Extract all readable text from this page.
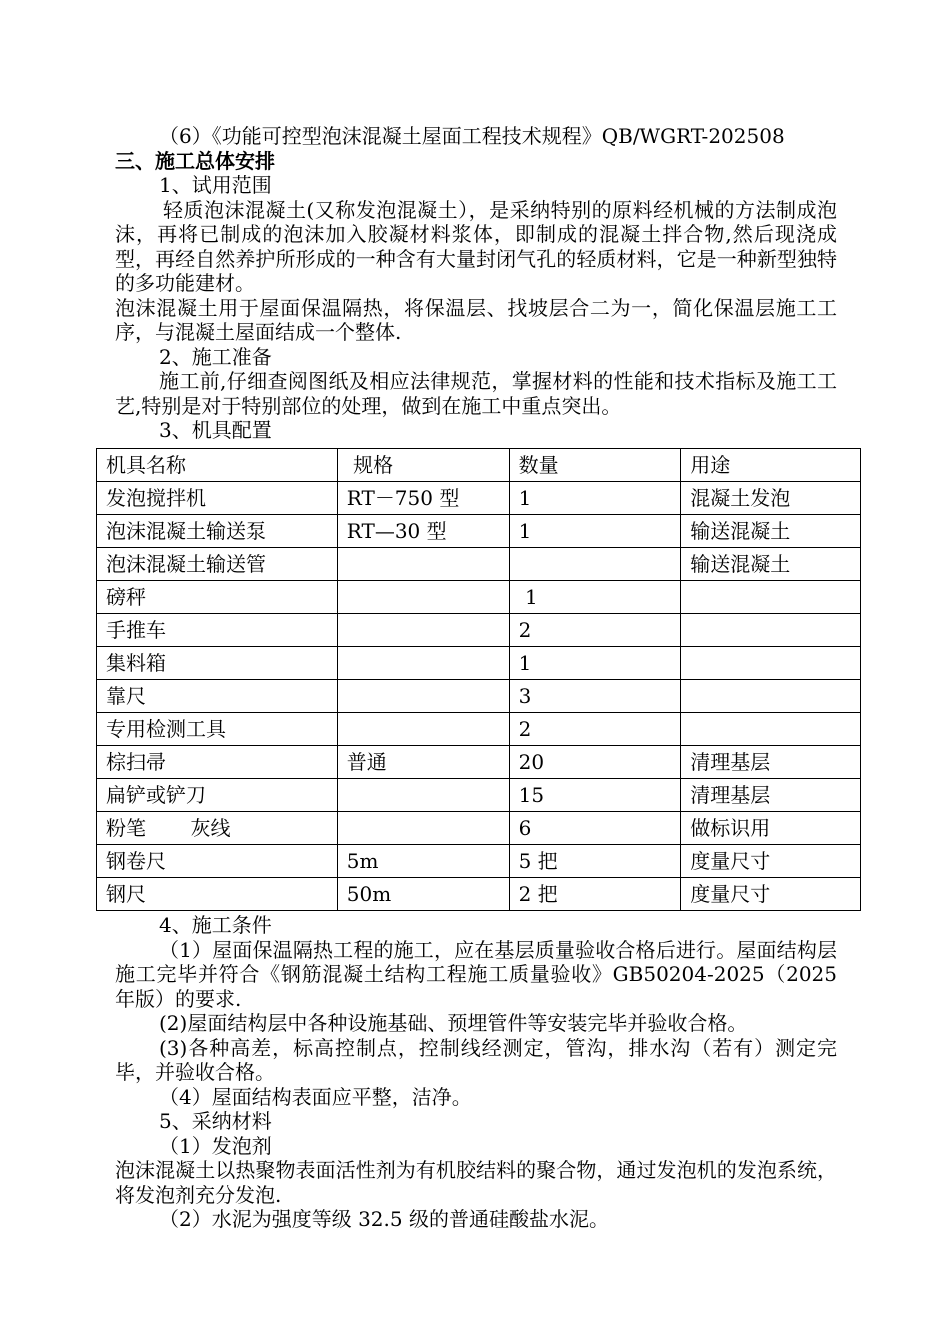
（6）《功能可控型泡沫混凝土屋面工程技术规程》QB/WGRT-202508

三、施工总体安排

1、试用范围

轻质泡沫混凝土(又称发泡混凝土），是采纳特别的原料经机械的方法制成泡沫，再将已制成的泡沫加入胶凝材料浆体，即制成的混凝土拌合物,然后现浇成型，再经自然养护所形成的一种含有大量封闭气孔的轻质材料，它是一种新型独特的多功能建材。

泡沫混凝土用于屋面保温隔热，将保温层、找坡层合二为一，简化保温层施工工序，与混凝土屋面结成一个整体.

2、施工准备

施工前,仔细查阅图纸及相应法律规范，掌握材料的性能和技术指标及施工工艺,特别是对于特别部位的处理，做到在施工中重点突出。

3、机具配置

机具名称	规格	数量	用途
发泡搅拌机	RT－750 型	1	混凝土发泡
泡沫混凝土输送泵	RT—30 型	1	输送混凝土
泡沫混凝土输送管			输送混凝土
磅秤		1	
手推车		2	
集料箱		1	
靠尺		3	
专用检测工具		2	
棕扫帚	普通	20	清理基层
扁铲或铲刀		15	清理基层
粉笔       灰线		6	做标识用
钢卷尺	5m	5 把	度量尺寸
钢尺	50m	2 把	度量尺寸

4、施工条件

（1）屋面保温隔热工程的施工，应在基层质量验收合格后进行。屋面结构层施工完毕并符合《钢筋混凝土结构工程施工质量验收》GB50204-2025（2025 年版）的要求.

(2)屋面结构层中各种设施基础、预埋管件等安装完毕并验收合格。

(3)各种高差，标高控制点，控制线经测定，管沟，排水沟（若有）测定完毕，并验收合格。

（4）屋面结构表面应平整，洁净。

5、采纳材料

（1）发泡剂

泡沫混凝土以热聚物表面活性剂为有机胶结料的聚合物，通过发泡机的发泡系统，将发泡剂充分发泡.

（2）水泥为强度等级 32.5 级的普通硅酸盐水泥。
